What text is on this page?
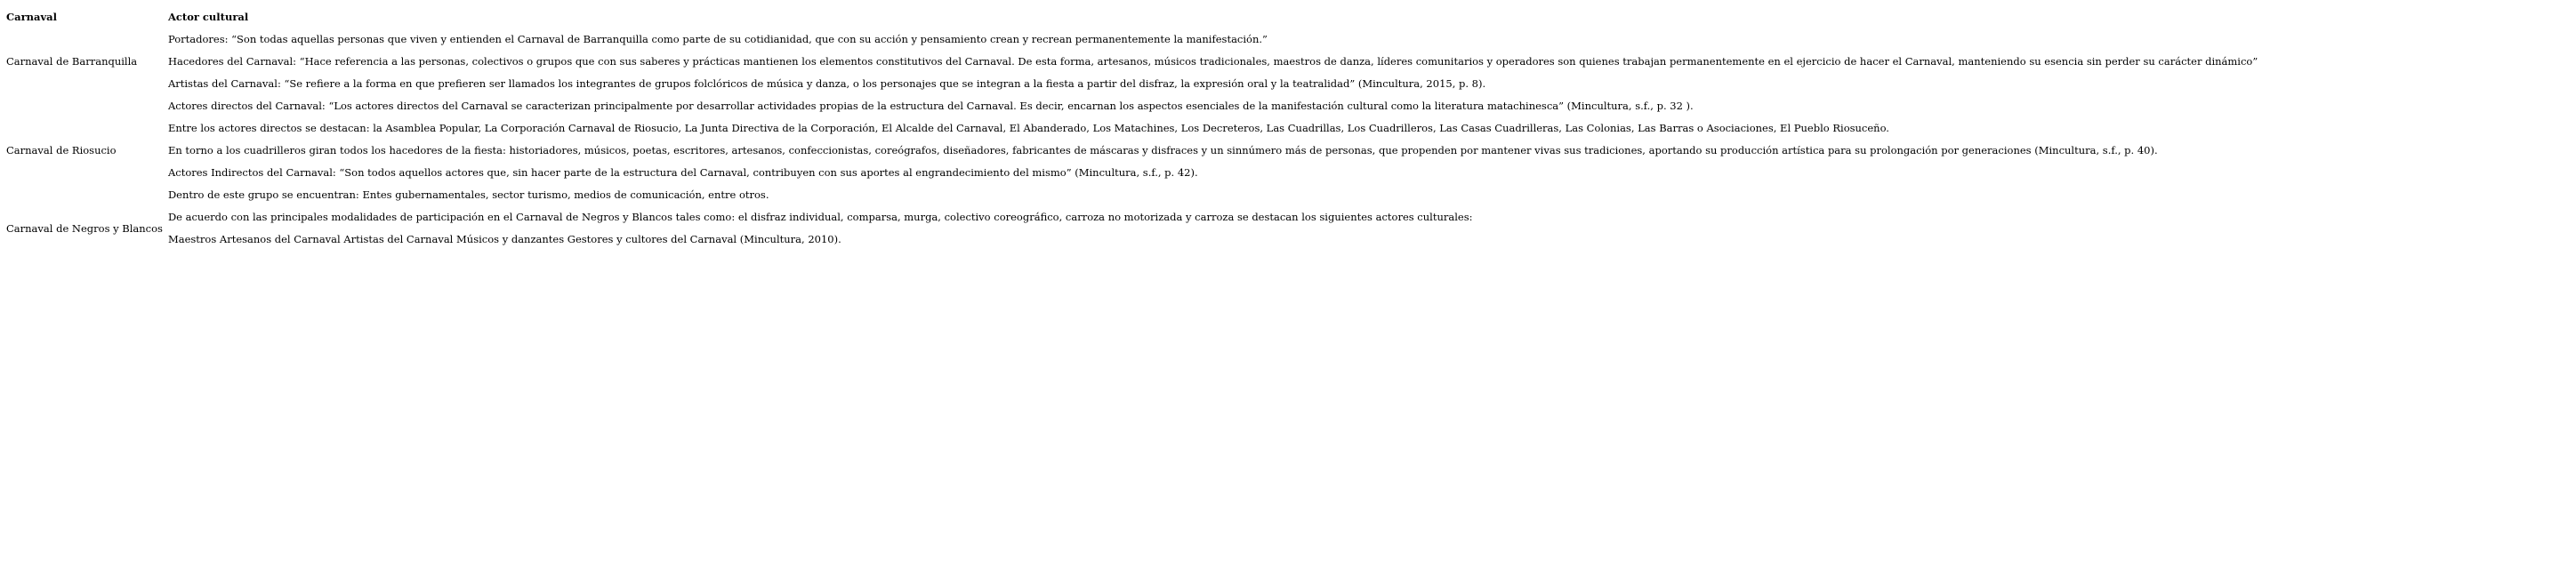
Carnaval	Actor cultural
Carnaval de Barranquilla	Portadores: “Son todas aquellas personas que viven y entienden el Carnaval de Barranquilla como parte de su cotidianidad, que con su acción y pensamiento crean y recrean permanentemente la manifestación.”
	Hacedores del Carnaval: “Hace referencia a las personas, colectivos o grupos que con sus saberes y prácticas mantienen los elementos constitutivos del Carnaval. De esta forma, artesanos, músicos tradicionales, maestros de danza, líderes comunitarios y operadores son quienes trabajan permanentemente en el ejercicio de hacer el Carnaval, manteniendo su esencia sin perder su carácter dinámico”
	Artistas del Carnaval: “Se refiere a la forma en que prefieren ser llamados los integrantes de grupos folclóricos de música y danza, o los personajes que se integran a la fiesta a partir del disfraz, la expresión oral y la teatralidad” (Mincultura, 2015, p. 8).
Carnaval de Riosucio	Actores directos del Carnaval: “Los actores directos del Carnaval se caracterizan principalmente por desarrollar actividades propias de la estructura del Carnaval. Es decir, encarnan los aspectos esenciales de la manifestación cultural como la literatura matachinesca” (Mincultura, s.f., p. 32 ).
	Entre los actores directos se destacan: la Asamblea Popular, La Corporación Carnaval de Riosucio, La Junta Directiva de la Corporación, El Alcalde del Carnaval, El Abanderado, Los Matachines, Los Decreteros, Las Cuadrillas, Los Cuadrilleros, Las Casas Cuadrilleras, Las Colonias, Las Barras o Asociaciones, El Pueblo Riosuceño.
	En torno a los cuadrilleros giran todos los hacedores de la fiesta: historiadores, músicos, poetas, escritores, artesanos, confeccionistas, coreógrafos, diseñadores, fabricantes de máscaras y disfraces y un sinnúmero más de personas, que propenden por mantener vivas sus tradiciones, aportando su producción artística para su prolongación por generaciones (Mincultura, s.f., p. 40).
	Actores Indirectos del Carnaval: “Son todos aquellos actores que, sin hacer parte de la estructura del Carnaval, contribuyen con sus aportes al engrandecimiento del mismo” (Mincultura, s.f., p. 42).
	Dentro de este grupo se encuentran: Entes gubernamentales, sector turismo, medios de comunicación, entre otros.
Carnaval de Negros y Blancos	De acuerdo con las principales modalidades de participación en el Carnaval de Negros y Blancos tales como: el disfraz individual, comparsa, murga, colectivo coreográfico, carroza no motorizada y carroza se destacan los siguientes actores culturales:
	Maestros Artesanos del Carnaval Artistas del Carnaval Músicos y danzantes Gestores y cultores del Carnaval (Mincultura, 2010).
